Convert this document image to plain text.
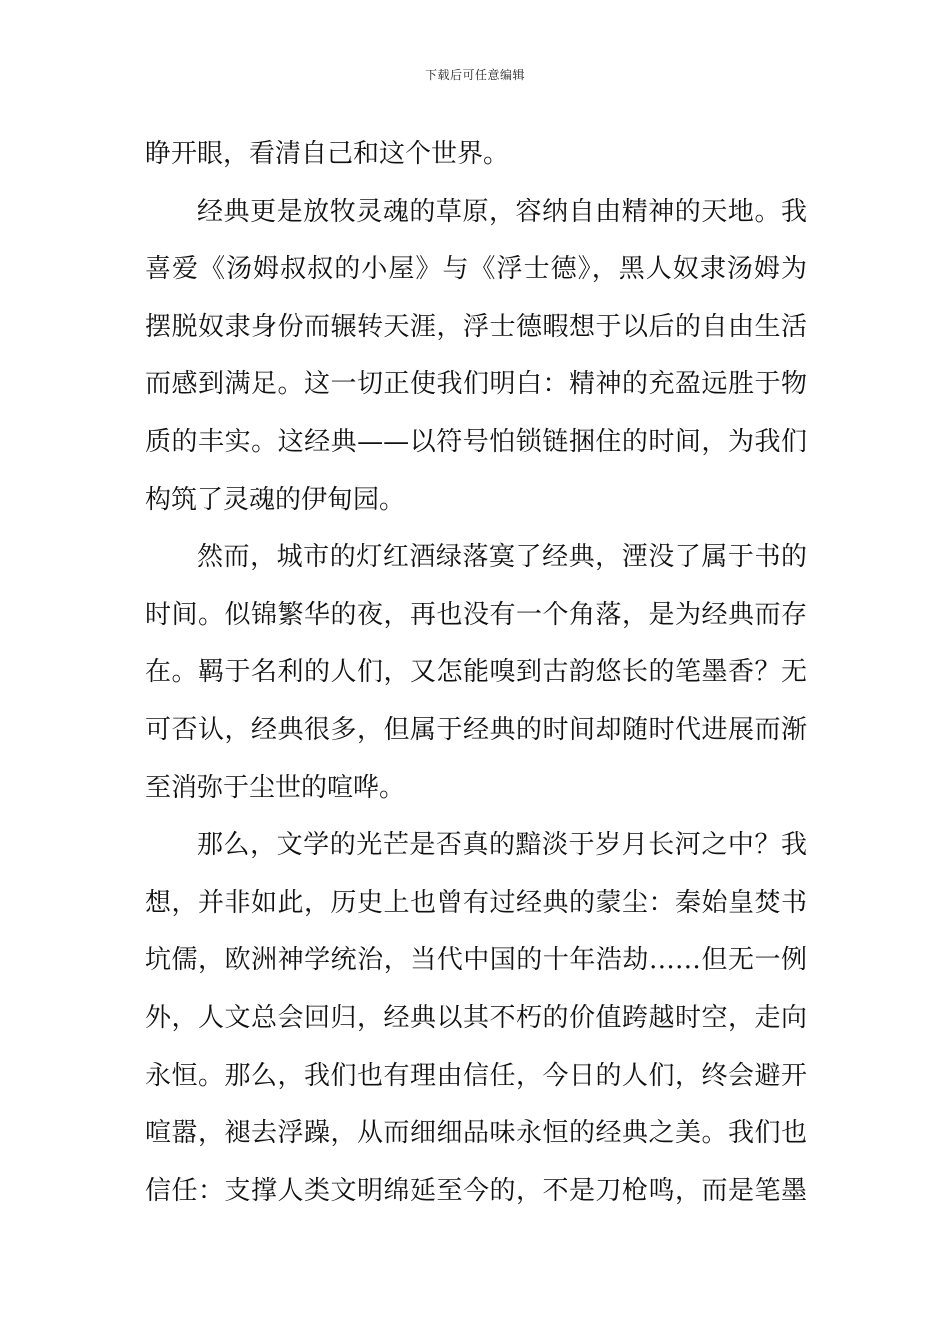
下载后可任意编辑
睁开眼，看清自己和这个世界。
经典更是放牧灵魂的草原，容纳自由精神的天地。我
喜爱《汤姆叔叔的小屋》与《浮士德》，黑人奴隶汤姆为
摆脱奴隶身份而辗转天涯，浮士德暇想于以后的自由生活
而感到满足。这一切正使我们明白：精神的充盈远胜于物
质的丰实。这经典——以符号怕锁链捆住的时间，为我们
构筑了灵魂的伊甸园。
然而，城市的灯红酒绿落寞了经典，湮没了属于书的
时间。似锦繁华的夜，再也没有一个角落，是为经典而存
在。羁于名利的人们，又怎能嗅到古韵悠长的笔墨香？无
可否认，经典很多，但属于经典的时间却随时代进展而渐
至消弥于尘世的喧哗。
那么，文学的光芒是否真的黯淡于岁月长河之中？我
想，并非如此，历史上也曾有过经典的蒙尘：秦始皇焚书
坑儒，欧洲神学统治，当代中国的十年浩劫……但无一例
外，人文总会回归，经典以其不朽的价值跨越时空，走向
永恒。那么，我们也有理由信任，今日的人们，终会避开
喧嚣，褪去浮躁，从而细细品味永恒的经典之美。我们也
信任：支撑人类文明绵延至今的，不是刀枪鸣，而是笔墨
